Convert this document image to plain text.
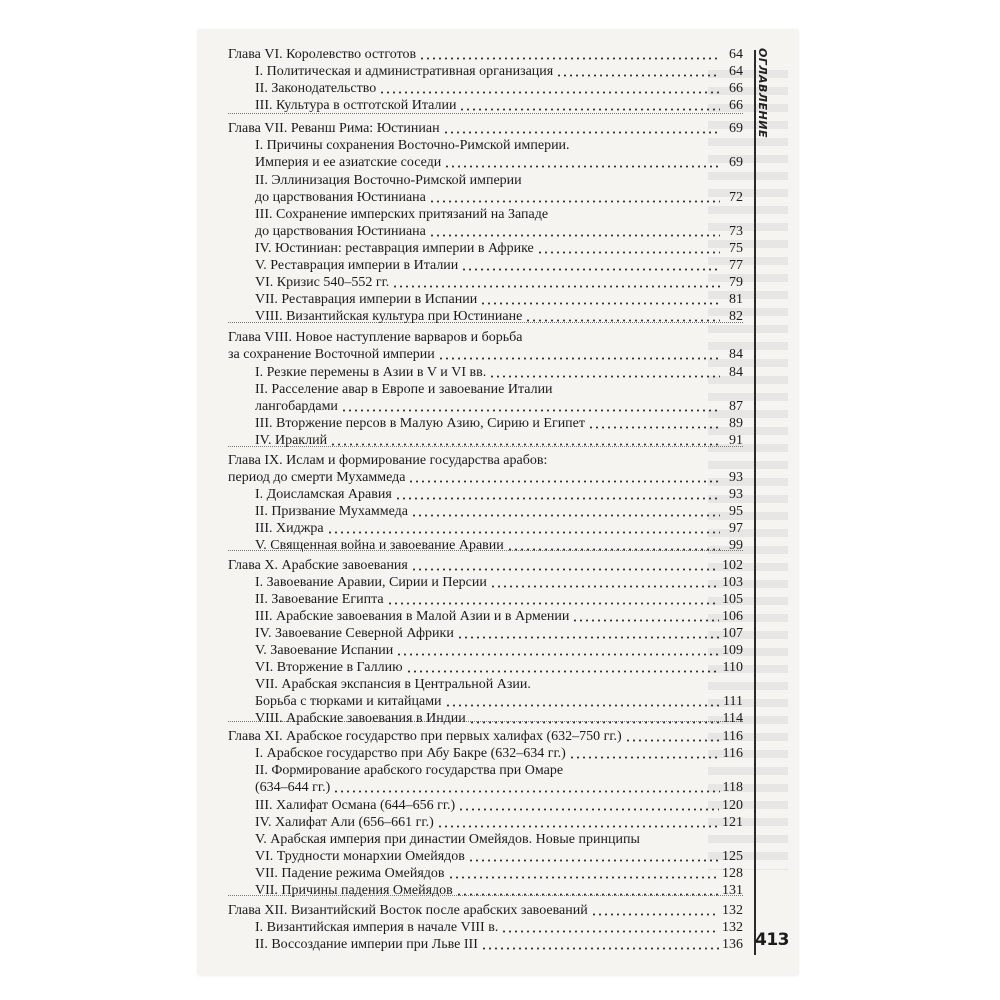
ОГЛАВЛЕНИЕ
413
Глава VI. Королевство остготов	64
I. Политическая и административная организация	64
II. Законодательство	66
III. Культура в остготской Италии	66
Глава VII. Реванш Рима: Юстиниан	69
I. Причины сохранения Восточно-Римской империи.
Империя и ее азиатские соседи	69
II. Эллинизация Восточно-Римской империи
до царствования Юстиниана	72
III. Сохранение имперских притязаний на Западе
до царствования Юстиниана	73
IV. Юстиниан: реставрация империи в Африке	75
V. Реставрация империи в Италии	77
VI. Кризис 540–552 гг.	79
VII. Реставрация империи в Испании	81
VIII. Византийская культура при Юстиниане	82
Глава VIII. Новое наступление варваров и борьба
за сохранение Восточной империи	84
I. Резкие перемены в Азии в V и VI вв.	84
II. Расселение авар в Европе и завоевание Италии
лангобардами	87
III. Вторжение персов в Малую Азию, Сирию и Египет	89
IV. Ираклий	91
Глава IX. Ислам и формирование государства арабов:
период до смерти Мухаммеда	93
I. Доисламская Аравия	93
II. Призвание Мухаммеда	95
III. Хиджра	97
V. Священная война и завоевание Аравии	99
Глава X. Арабские завоевания	102
I. Завоевание Аравии, Сирии и Персии	103
II. Завоевание Египта	105
III. Арабские завоевания в Малой Азии и в Армении	106
IV. Завоевание Северной Африки	107
V. Завоевание Испании	109
VI. Вторжение в Галлию	110
VII. Арабская экспансия в Центральной Азии.
Борьба с тюрками и китайцами	111
VIII. Арабские завоевания в Индии	114
Глава XI. Арабское государство при первых халифах (632–750 гг.)	116
I. Арабское государство при Абу Бакре (632–634 гг.)	116
II. Формирование арабского государства при Омаре
(634–644 гг.)	118
III. Халифат Османа (644–656 гг.)	120
IV. Халифат Али (656–661 гг.)	121
V. Арабская империя при династии Омейядов. Новые принципы
VI. Трудности монархии Омейядов	125
VII. Падение режима Омейядов	128
VII. Причины падения Омейядов	131
Глава XII. Византийский Восток после арабских завоеваний	132
I. Византийская империя в начале VIII в.	132
II. Воссоздание империи при Льве III	136
